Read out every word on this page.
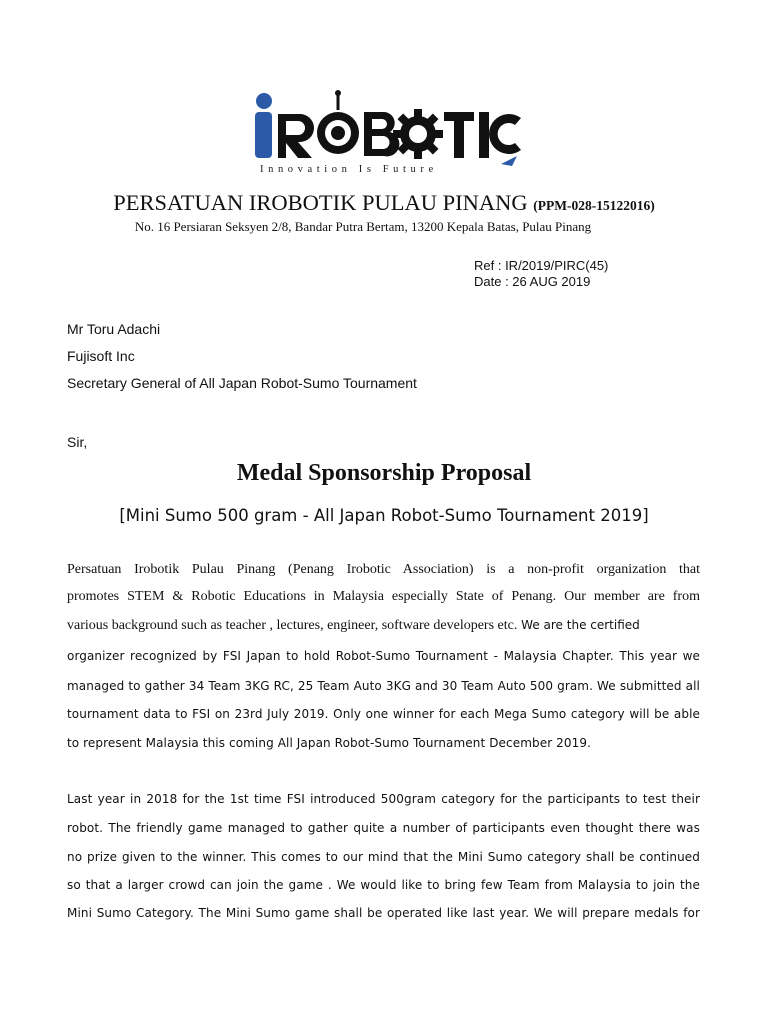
Innovation Is Future
PERSATUAN IROBOTIK PULAU PINANG (PPM-028-15122016)
No. 16 Persiaran Seksyen 2/8, Bandar Putra Bertam, 13200 Kepala Batas, Pulau Pinang
Ref : IR/2019/PIRC(45)
Date : 26 AUG 2019
Mr Toru Adachi
Fujisoft Inc
Secretary General of All Japan Robot-Sumo Tournament
Sir,
Medal Sponsorship Proposal
[Mini Sumo 500 gram - All Japan Robot-Sumo Tournament 2019]
Persatuan Irobotik Pulau Pinang (Penang Irobotic Association) is a non-profit organization that
promotes STEM & Robotic Educations in Malaysia especially State of Penang. Our member are from
various background such as teacher , lectures, engineer, software developers etc. We are the certified
organizer recognized by FSI Japan to hold Robot-Sumo Tournament - Malaysia Chapter. This year we
managed to gather 34 Team 3KG RC, 25 Team Auto 3KG and 30 Team Auto 500 gram. We submitted all
tournament data to FSI on 23rd July 2019. Only one winner for each Mega Sumo category will be able
to represent Malaysia this coming All Japan Robot-Sumo Tournament December 2019.
Last year in 2018 for the 1st time FSI introduced 500gram category for the participants to test their
robot. The friendly game managed to gather quite a number of participants even thought there was
no prize given to the winner. This comes to our mind that the Mini Sumo category shall be continued
so that a larger crowd can join the game . We would like to bring few Team from Malaysia to join the
Mini Sumo Category. The Mini Sumo game shall be operated like last year. We will prepare medals for
